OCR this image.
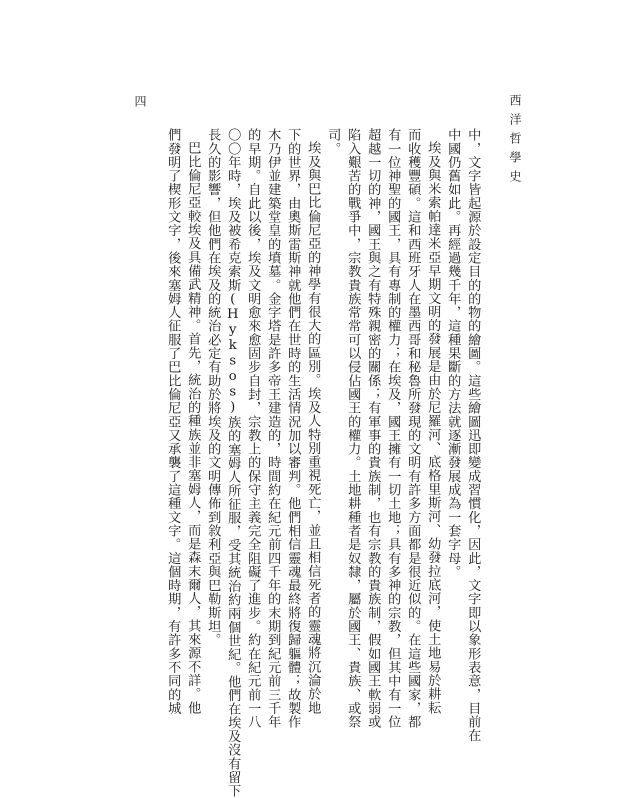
西洋哲學史
四
中，文字皆起源於設定目的的物的繪圖。這些繪圖迅即變成習慣化，因此，文字即以象形表意，目前在
中國仍舊如此。再經過幾千年，這種果斷的方法就逐漸發展成為一套字母。
埃及與米索帕達米亞早期文明的發展是由於尼羅河、底格里斯河、幼發拉底河，使土地易於耕耘
而收穫豐碩。這和西班牙人在墨西哥和秘魯所發現的文明有許多方面都是很近似的。在這些國家，都
有一位神聖的國王，具有專制的權力；在埃及，國王擁有一切土地；具有多神的宗教，但其中有一位
超越一切的神，國王與之有特殊親密的關係；有軍事的貴族制，也有宗教的貴族制，假如國王軟弱或
陷入艱苦的戰爭中，宗教貴族常常可以侵佔國王的權力。土地耕種者是奴隸，屬於國王、貴族、或祭
司。
埃及與巴比倫尼亞的神學有很大的區別。埃及人特別重視死亡，並且相信死者的靈魂將沉淪於地
下的世界，由奧斯雷斯神就他們在世時的生活情況加以審判。他們相信靈魂最終將復歸軀體；故製作
木乃伊並建築堂皇的墳墓。金字塔是許多帝王建造的，時間約在紀元前四千年的末期到紀元前三千年
的早期。自此以後，埃及文明愈來愈固步自封，宗教上的保守主義完全阻礙了進步。約在紀元前一八
〇〇年時，埃及被希克索斯(Hyksos)族的塞姆人所征服，受其統治約兩個世紀。他們在埃及沒有留下
長久的影響，但他們在埃及的統治必定有助於將埃及的文明傳佈到敘利亞與巴勒斯坦。
巴比倫尼亞較埃及具備武精神。首先，統治的種族並非塞姆人，而是森末爾人，其來源不詳。他
們發明了楔形文字，後來塞姆人征服了巴比倫尼亞又承襲了這種文字。這個時期，有許多不同的城
